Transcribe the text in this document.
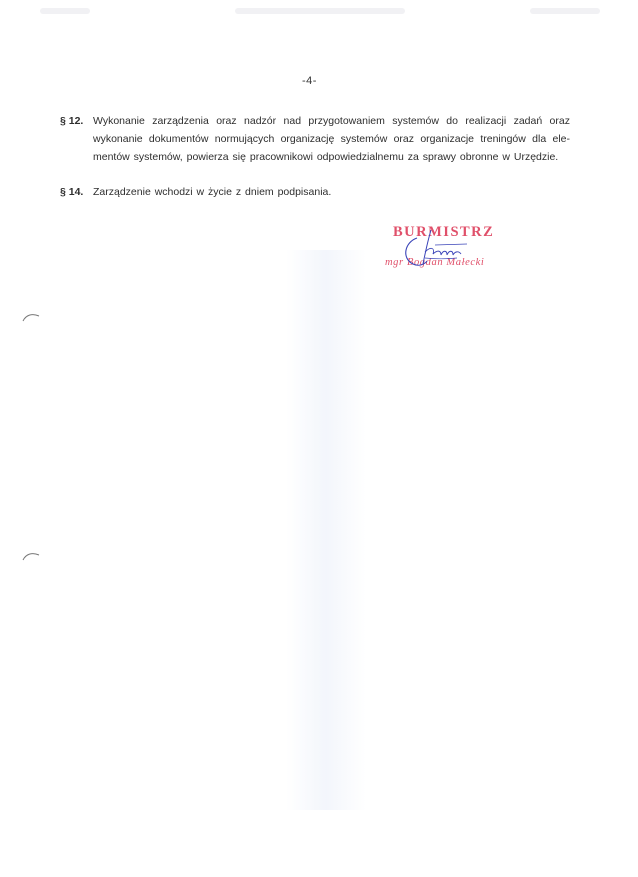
-4-
§ 12. Wykonanie zarządzenia oraz nadzór nad przygotowaniem systemów do realizacji zadań oraz
wykonanie dokumentów normujących organizację systemów oraz organizacje treningów dla ele-
mentów systemów, powierza się pracownikowi odpowiedzialnemu za sprawy obronne w Urzędzie.
§ 14. Zarządzenie wchodzi w życie z dniem podpisania.
BURMISTRZ
mgr Bogdan Małecki
